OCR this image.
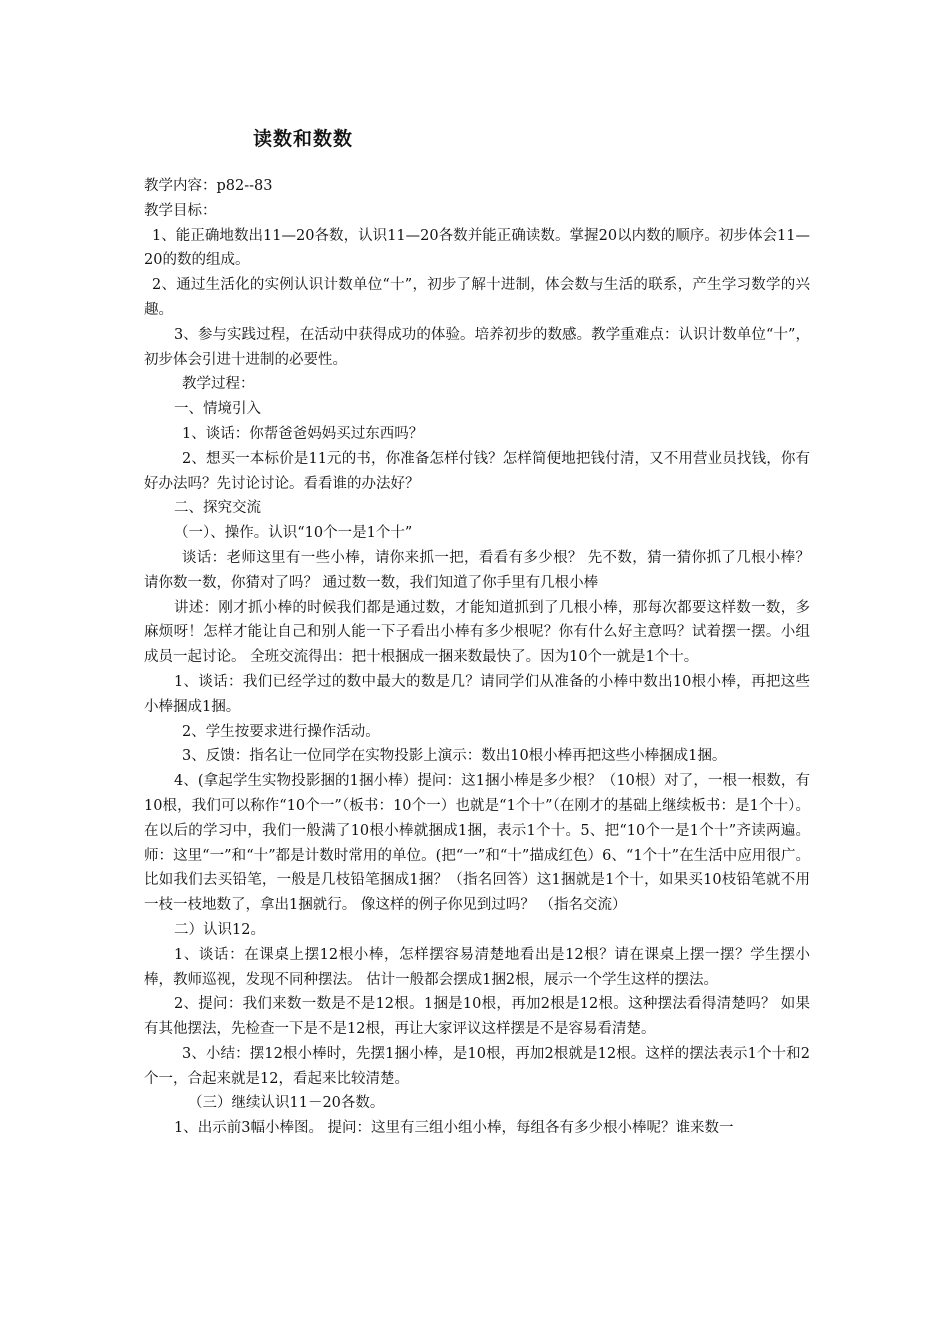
读数和数数

教学内容：p82--83

教学目标：

1、能正确地数出11—20各数，认识11—20各数并能正确读数。掌握20以内数的顺序。初步体会11—20的数的组成。

2、通过生活化的实例认识计数单位“十”，初步了解十进制，体会数与生活的联系，产生学习数学的兴趣。

3、参与实践过程，在活动中获得成功的体验。培养初步的数感。教学重难点：认识计数单位“十”，初步体会引进十进制的必要性。

教学过程：

一、情境引入

1、谈话：你帮爸爸妈妈买过东西吗？

2、想买一本标价是11元的书，你准备怎样付钱？怎样简便地把钱付清，又不用营业员找钱，你有好办法吗？先讨论讨论。看看谁的办法好？

二、探究交流

（一）、操作。认识“10个一是1个十”

谈话：老师这里有一些小棒，请你来抓一把，看看有多少根？ 先不数，猜一猜你抓了几根小棒？请你数一数，你猜对了吗？ 通过数一数，我们知道了你手里有几根小棒

讲述：刚才抓小棒的时候我们都是通过数，才能知道抓到了几根小棒，那每次都要这样数一数，多麻烦呀！怎样才能让自己和别人能一下子看出小棒有多少根呢？你有什么好主意吗？试着摆一摆。小组成员一起讨论。 全班交流得出：把十根捆成一捆来数最快了。因为10个一就是1个十。

1、谈话：我们已经学过的数中最大的数是几？请同学们从准备的小棒中数出10根小棒，再把这些小棒捆成1捆。

2、学生按要求进行操作活动。

3、反馈：指名让一位同学在实物投影上演示：数出10根小棒再把这些小棒捆成1捆。

4、(拿起学生实物投影捆的1捆小棒）提问：这1捆小棒是多少根？（10根）对了，一根一根数，有10根，我们可以称作“10个一”（板书：10个一）也就是“1个十”（在刚才的基础上继续板书：是1个十）。 在以后的学习中，我们一般满了10根小棒就捆成1捆，表示1个十。5、把“10个一是1个十”齐读两遍。师：这里“一”和“十”都是计数时常用的单位。(把“一”和“十”描成红色）6、“1个十”在生活中应用很广。比如我们去买铅笔，一般是几枝铅笔捆成1捆？（指名回答）这1捆就是1个十，如果买10枝铅笔就不用一枝一枝地数了，拿出1捆就行。 像这样的例子你见到过吗？ （指名交流）

二）认识12。

1、谈话：在课桌上摆12根小棒，怎样摆容易清楚地看出是12根？请在课桌上摆一摆？学生摆小棒，教师巡视，发现不同种摆法。 估计一般都会摆成1捆2根，展示一个学生这样的摆法。

2、提问：我们来数一数是不是12根。1捆是10根，再加2根是12根。这种摆法看得清楚吗？ 如果有其他摆法，先检查一下是不是12根，再让大家评议这样摆是不是容易看清楚。

3、小结：摆12根小棒时，先摆1捆小棒，是10根，再加2根就是12根。这样的摆法表示1个十和2个一，合起来就是12，看起来比较清楚。

（三）继续认识11－20各数。

1、出示前3幅小棒图。 提问：这里有三组小组小棒，每组各有多少根小棒呢？谁来数一
